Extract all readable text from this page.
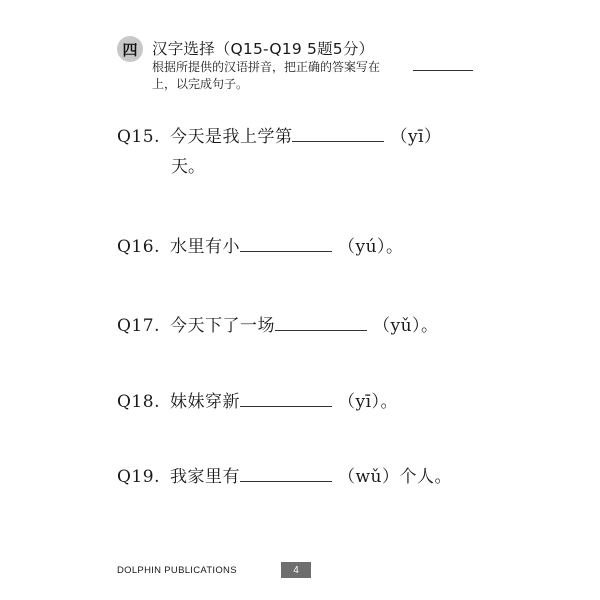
四 汉字选择（Q15-Q19 5题5分）
根据所提供的汉语拼音，把正确的答案写在
上，以完成句子。
Q15. 今天是我上学第	（yī）
天。
Q16. 水里有小	（yú）。
Q17. 今天下了一场	（yǔ）。
Q18. 妹妹穿新	（yī）。
Q19. 我家里有	（wǔ）个人。
DOLPHIN PUBLICATIONS	4
